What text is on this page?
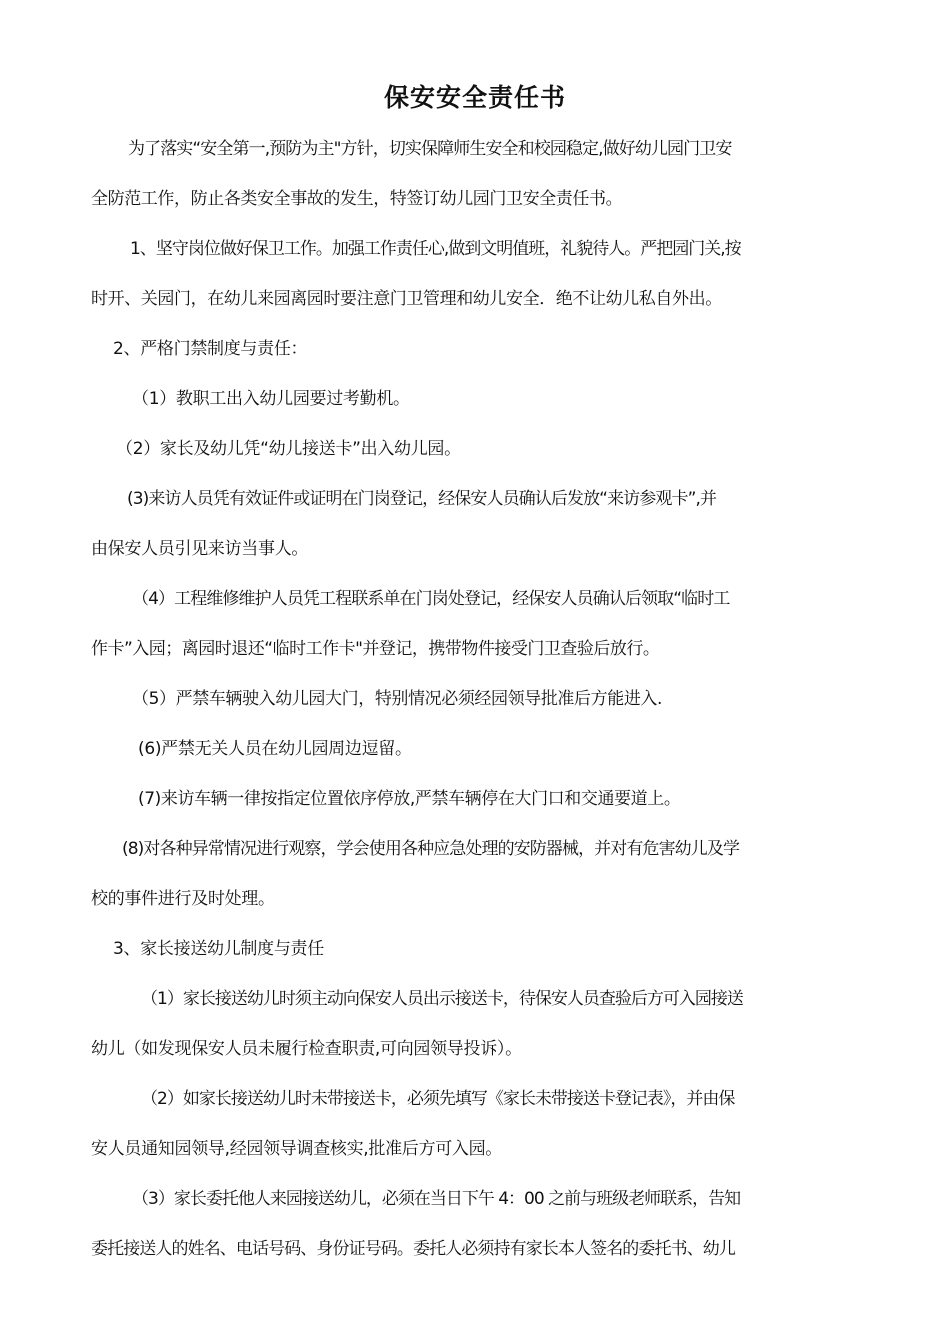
保安安全责任书
为了落实“安全第一,预防为主"方针，切实保障师生安全和校园稳定,做好幼儿园门卫安
全防范工作，防止各类安全事故的发生，特签订幼儿园门卫安全责任书。
1、坚守岗位做好保卫工作。加强工作责任心,做到文明值班，礼貌待人。严把园门关,按
时开、关园门，在幼儿来园离园时要注意门卫管理和幼儿安全．绝不让幼儿私自外出。
2、严格门禁制度与责任：
（1）教职工出入幼儿园要过考勤机。
（2）家长及幼儿凭“幼儿接送卡”出入幼儿园。
(3)来访人员凭有效证件或证明在门岗登记，经保安人员确认后发放“来访参观卡”,并
由保安人员引见来访当事人。
（4）工程维修维护人员凭工程联系单在门岗处登记，经保安人员确认后领取“临时工
作卡”入园；离园时退还“临时工作卡"并登记，携带物件接受门卫查验后放行。
（5）严禁车辆驶入幼儿园大门，特别情况必须经园领导批准后方能进入.
(6)严禁无关人员在幼儿园周边逗留。
(7)来访车辆一律按指定位置依序停放,严禁车辆停在大门口和交通要道上。
(8)对各种异常情况进行观察，学会使用各种应急处理的安防器械，并对有危害幼儿及学
校的事件进行及时处理。
3、家长接送幼儿制度与责任
（1）家长接送幼儿时须主动向保安人员出示接送卡，待保安人员查验后方可入园接送
幼儿（如发现保安人员未履行检查职责,可向园领导投诉）。
（2）如家长接送幼儿时未带接送卡，必须先填写《家长未带接送卡登记表》，并由保
安人员通知园领导,经园领导调查核实,批准后方可入园。
（3）家长委托他人来园接送幼儿，必须在当日下午 4：00 之前与班级老师联系，告知
委托接送人的姓名、电话号码、身份证号码。委托人必须持有家长本人签名的委托书、幼儿
